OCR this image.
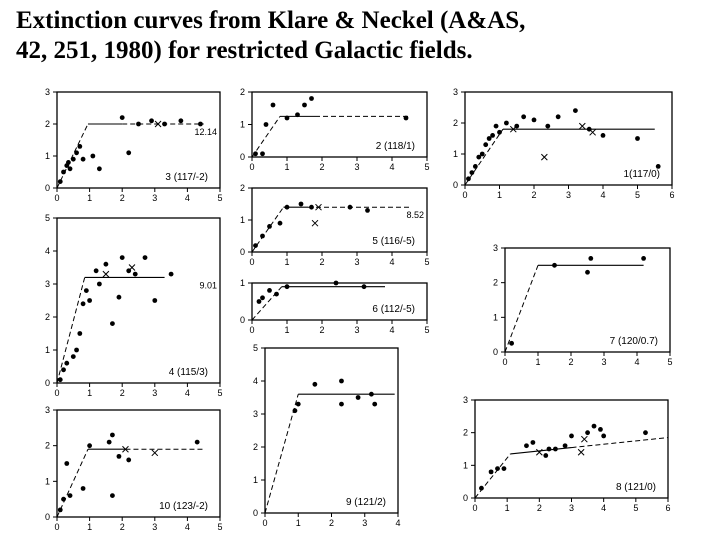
Extinction curves from Klare & Neckel (A&AS,
42, 251, 1980) for restricted Galactic fields.
0	1	2	3	4	5
0
1
2
3
3 (117/-2)
12.14
0	1	2	3	4	5
0
1
2
2 (118/1)
0	1	2	3	4	5	6
0
1
2
3
1(117/0)
0	1	2	3	4	5
0
1
2
5 (116/-5)
8.52
0	1	2	3	4	5
0
1
2
3
4
5
4 (115/3)
9.01
0	1	2	3	4	5
0
1
6 (112/-5)
0	1	2	3	4	5
0
1
2
3
7 (120/0.7)
0	1	2	3	4	5
0
1
2
3
10 (123/-2)
0	1	2	3	4
0
1
2
3
4
5
9 (121/2)	0	1	2	3	4	5	6
0
1
2
3
8 (121/0)
